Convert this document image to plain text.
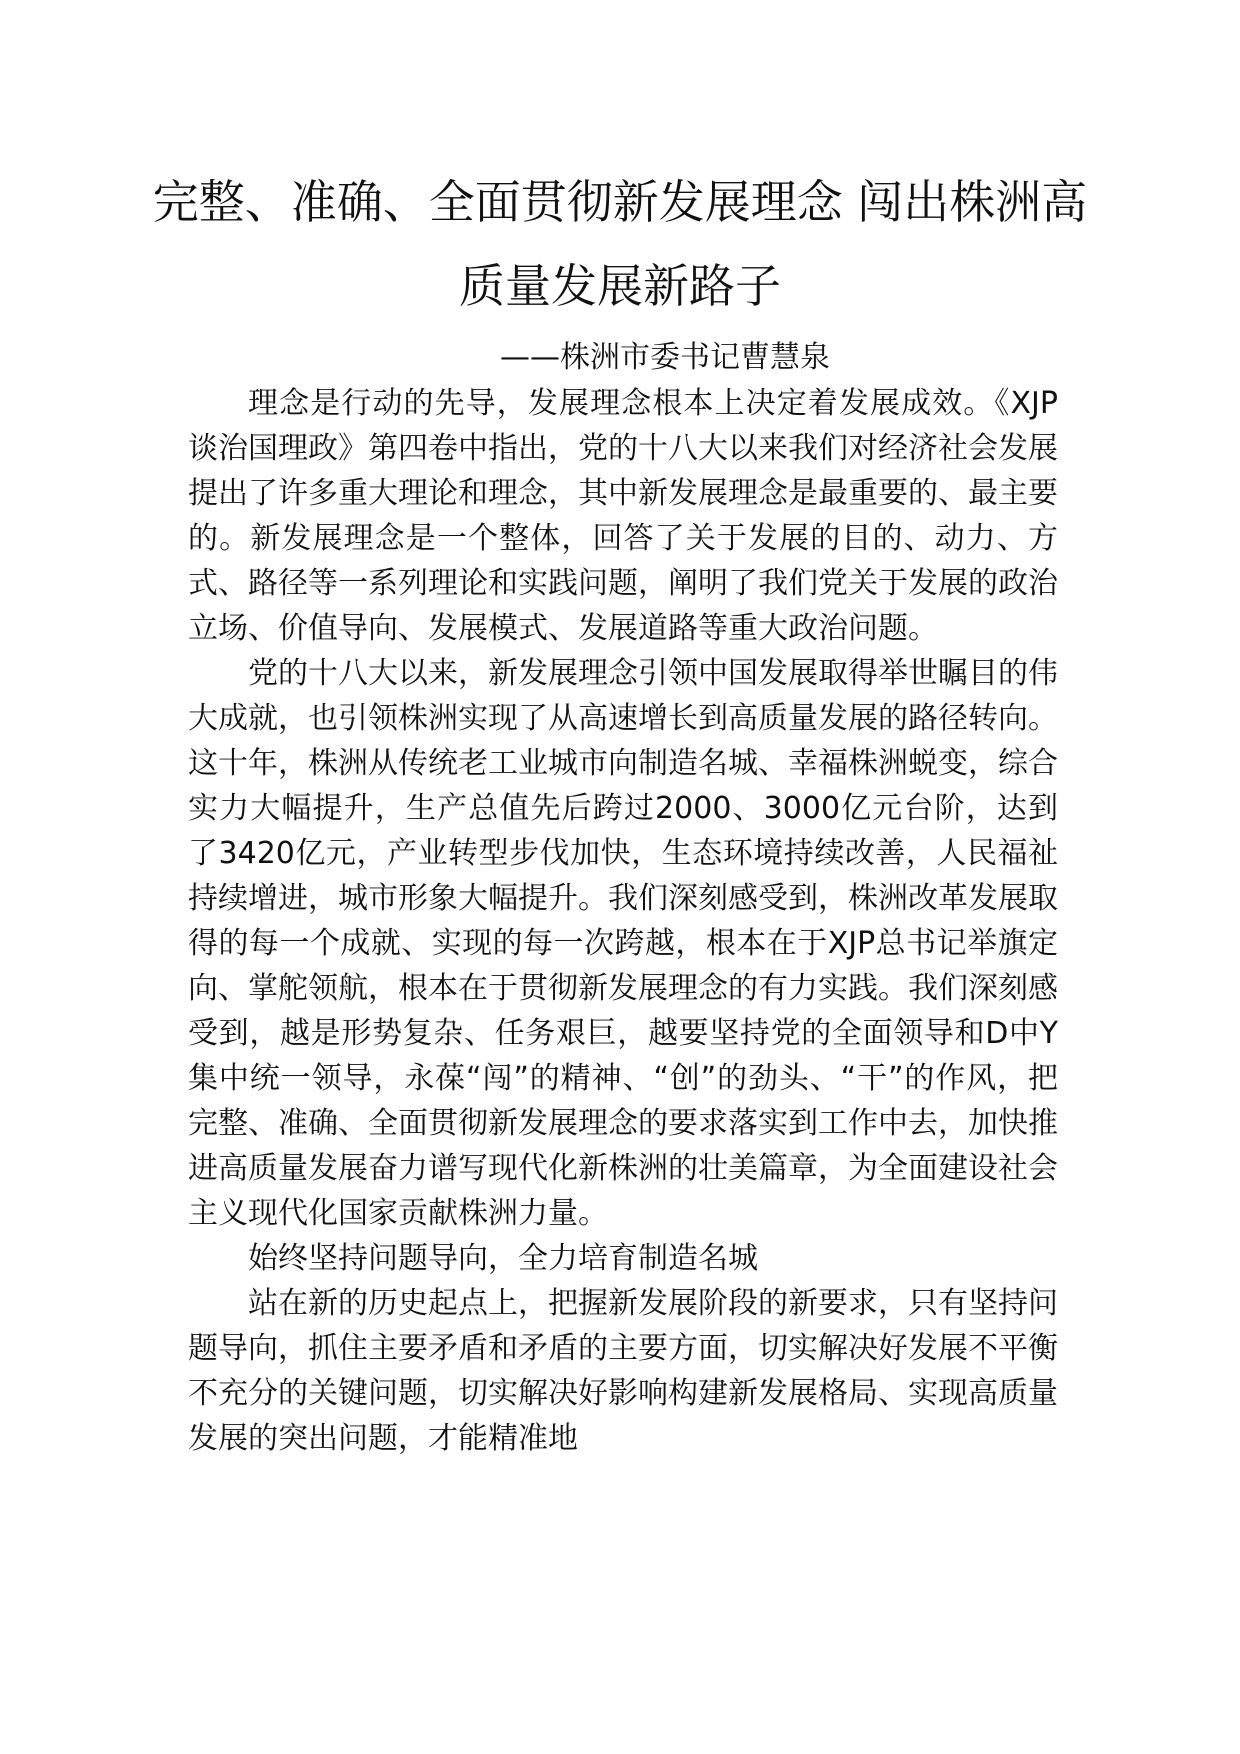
完整、准确、全面贯彻新发展理念 闯出株洲高质量发展新路子

——株洲市委书记曹慧泉

理念是行动的先导，发展理念根本上决定着发展成效。《XJP谈治国理政》第四卷中指出，党的十八大以来我们对经济社会发展提出了许多重大理论和理念，其中新发展理念是最重要的、最主要的。新发展理念是一个整体，回答了关于发展的目的、动力、方式、路径等一系列理论和实践问题，阐明了我们党关于发展的政治立场、价值导向、发展模式、发展道路等重大政治问题。

党的十八大以来，新发展理念引领中国发展取得举世瞩目的伟大成就，也引领株洲实现了从高速增长到高质量发展的路径转向。这十年，株洲从传统老工业城市向制造名城、幸福株洲蜕变，综合实力大幅提升，生产总值先后跨过2000、3000亿元台阶，达到了3420亿元，产业转型步伐加快，生态环境持续改善，人民福祉持续增进，城市形象大幅提升。我们深刻感受到，株洲改革发展取得的每一个成就、实现的每一次跨越，根本在于XJP总书记举旗定向、掌舵领航，根本在于贯彻新发展理念的有力实践。我们深刻感受到，越是形势复杂、任务艰巨，越要坚持党的全面领导和D中Y集中统一领导，永葆“闯”的精神、“创”的劲头、“干”的作风，把完整、准确、全面贯彻新发展理念的要求落实到工作中去，加快推进高质量发展奋力谱写现代化新株洲的壮美篇章，为全面建设社会主义现代化国家贡献株洲力量。

始终坚持问题导向，全力培育制造名城

站在新的历史起点上，把握新发展阶段的新要求，只有坚持问题导向，抓住主要矛盾和矛盾的主要方面，切实解决好发展不平衡不充分的关键问题，切实解决好影响构建新发展格局、实现高质量发展的突出问题，才能精准地
